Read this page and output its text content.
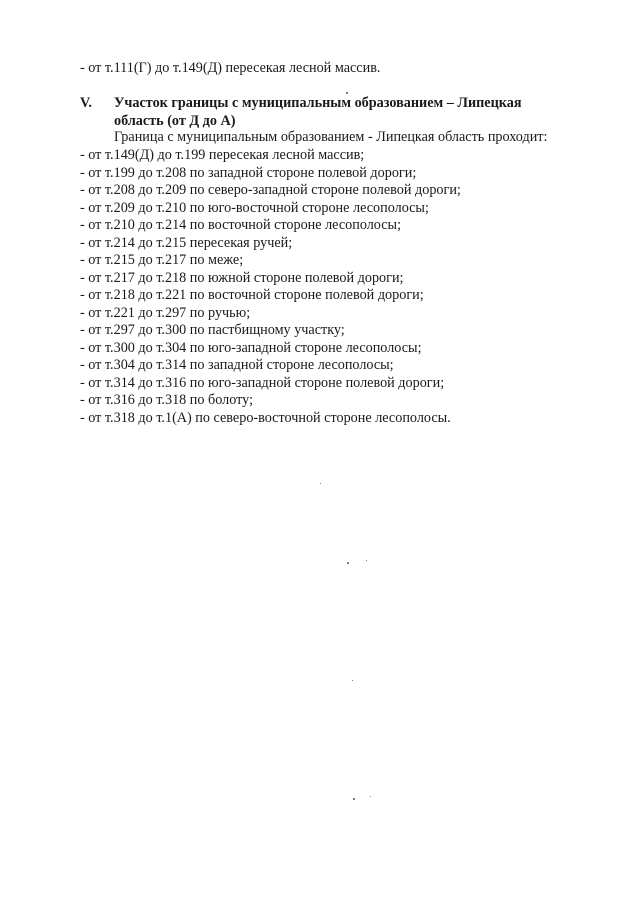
- от т.111(Г) до т.149(Д) пересекая лесной массив.
V.	Участок границы с муниципальным образованием – Липецкая
область (от Д до А)
Граница с муниципальным образованием - Липецкая область проходит:
- от т.149(Д) до т.199 пересекая лесной массив;
- от т.199 до т.208 по западной стороне полевой дороги;
- от т.208 до т.209 по северо-западной стороне полевой дороги;
- от т.209 до т.210 по юго-восточной стороне лесополосы;
- от т.210 до т.214 по восточной стороне лесополосы;
- от т.214 до т.215 пересекая ручей;
- от т.215 до т.217 по меже;
- от т.217 до т.218 по южной стороне полевой дороги;
- от т.218 до т.221 по восточной стороне полевой дороги;
- от т.221 до т.297 по ручью;
- от т.297 до т.300 по пастбищному участку;
- от т.300 до т.304 по юго-западной стороне лесополосы;
- от т.304 до т.314 по западной стороне лесополосы;
- от т.314 до т.316 по юго-западной стороне полевой дороги;
- от т.316 до т.318 по болоту;
- от т.318 до т.1(А) по северо-восточной стороне лесополосы.
